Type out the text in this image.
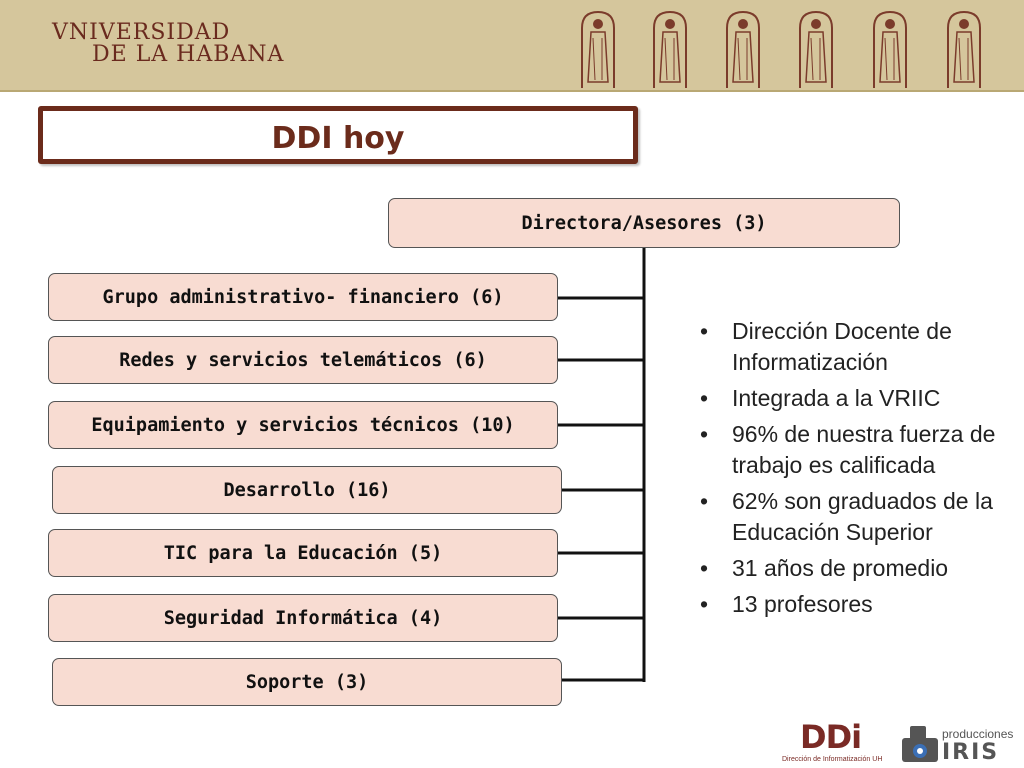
VNIVERSIDAD
DE LA HABANA
DDI hoy
Directora/Asesores (3)
Grupo administrativo- financiero (6)
Redes y servicios telemáticos (6)
Equipamiento y servicios técnicos (10)
Desarrollo (16)
TIC para la Educación (5)
Seguridad Informática (4)
Soporte (3)
• Dirección Docente de Informatización
• Integrada a la VRIIC
• 96% de nuestra fuerza de trabajo es calificada
• 62% son graduados de la Educación Superior
• 31 años de promedio
• 13 profesores
DDi
Dirección de Informatización UH
producciones
IRIS
